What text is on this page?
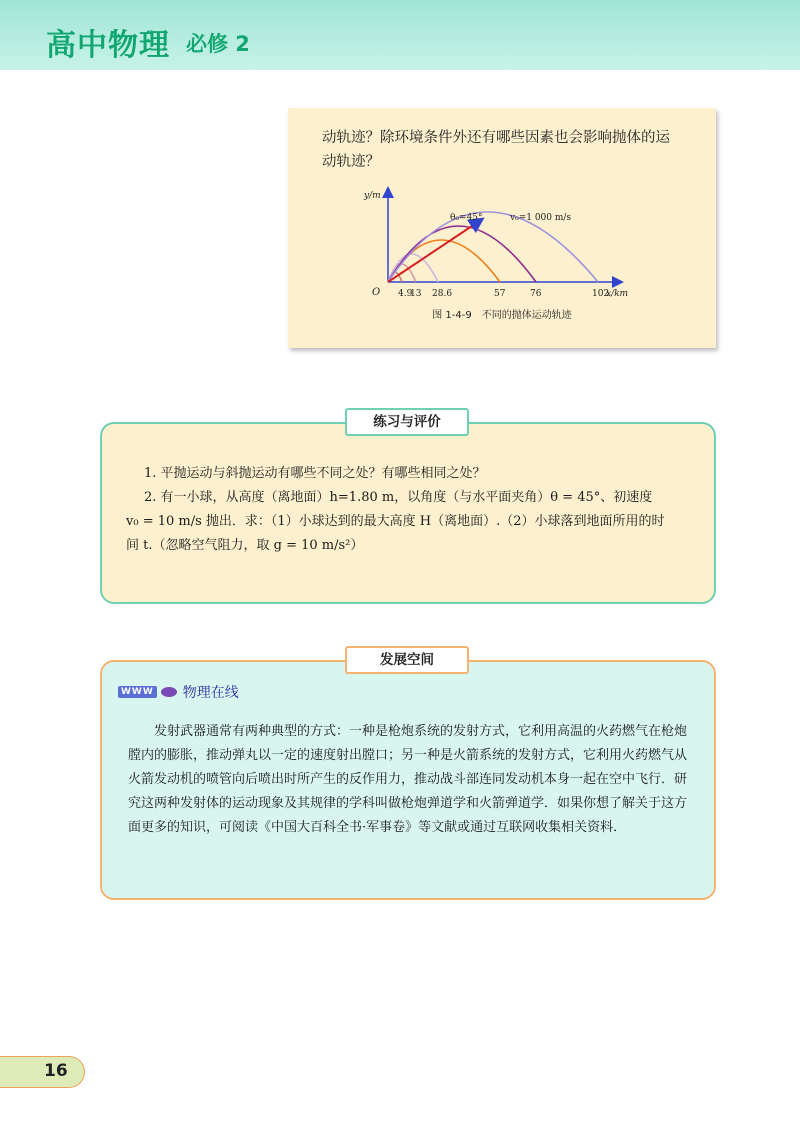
高中物理 必修 2

动轨迹？除环境条件外还有哪些因素也会影响抛体的运

动轨迹？

4.9
13 28.6	57	76	102
y/m
x/km
O
θ₀=45°	v₀=1 000 m/s
图 1-4-9　不同的抛体运动轨迹

1. 平抛运动与斜抛运动有哪些不同之处？有哪些相同之处？

2. 有一小球，从高度（离地面）h=1.80 m，以角度（与水平面夹角）θ = 45°、初速度

v₀ = 10 m/s 抛出．求：（1）小球达到的最大高度 H（离地面）.（2）小球落到地面所用的时

间 t.（忽略空气阻力，取 g = 10 m/s²）

练习与评价
WWW 物理在线

发射武器通常有两种典型的方式：一种是枪炮系统的发射方式，它利用高温的火药燃气在枪炮膛内的膨胀，推动弹丸以一定的速度射出膛口；另一种是火箭系统的发射方式，它利用火药燃气从火箭发动机的喷管向后喷出时所产生的反作用力，推动战斗部连同发动机本身一起在空中飞行．研究这两种发射体的运动现象及其规律的学科叫做枪炮弹道学和火箭弹道学．如果你想了解关于这方面更多的知识，可阅读《中国大百科全书·军事卷》等文献或通过互联网收集相关资料．

发展空间
16
